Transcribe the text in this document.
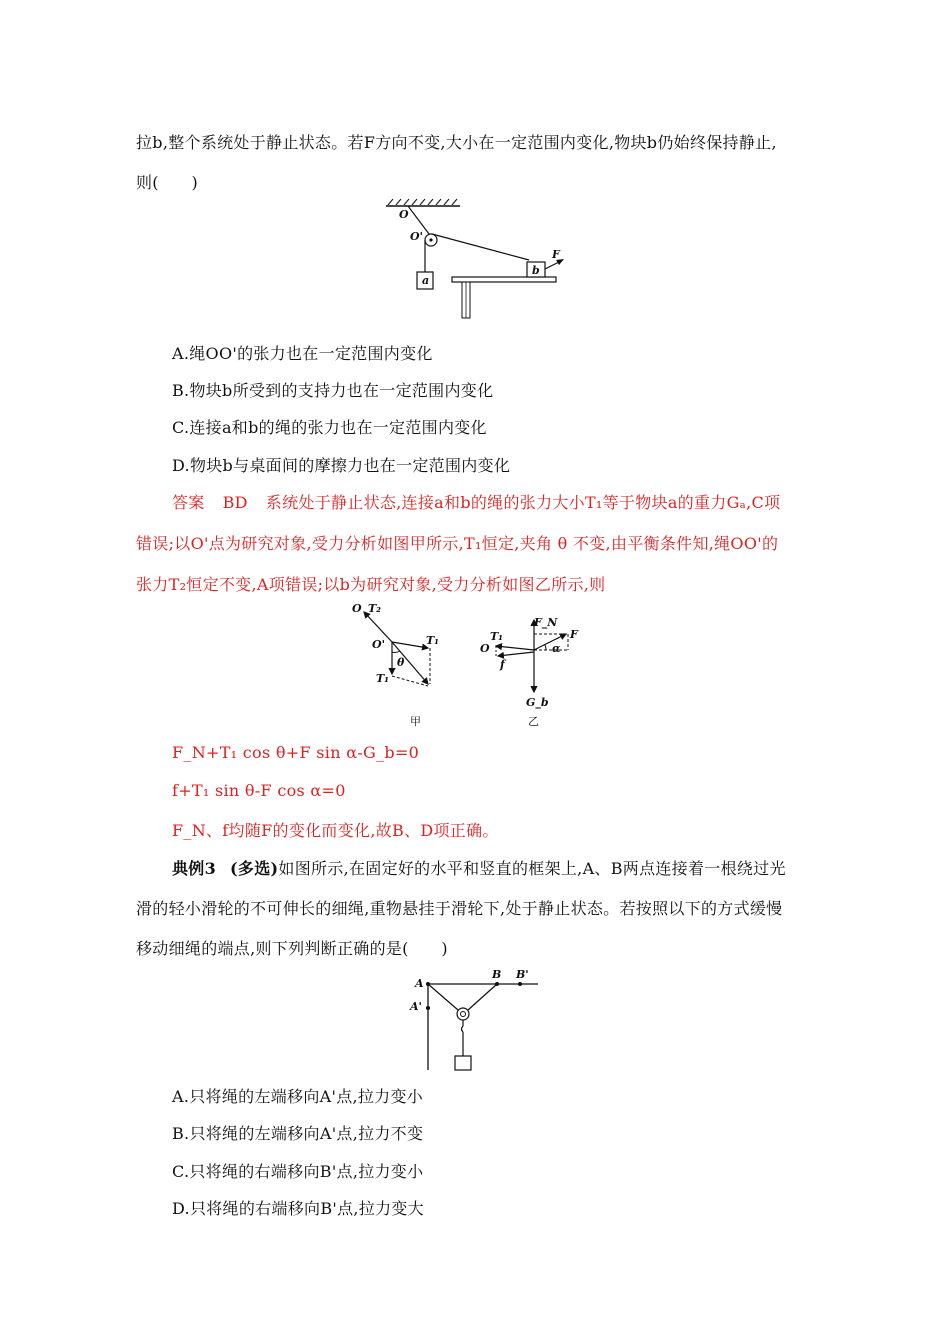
拉b,整个系统处于静止状态。若F方向不变,大小在一定范围内变化,物块b仍始终保持静止,
则(　　)
O
O'
a
b
F
A.绳OO'的张力也在一定范围内变化
B.物块b所受到的支持力也在一定范围内变化
C.连接a和b的绳的张力也在一定范围内变化
D.物块b与桌面间的摩擦力也在一定范围内变化
答案 BD 系统处于静止状态,连接a和b的绳的张力大小T₁等于物块a的重力Gₐ,C项
错误;以O'点为研究对象,受力分析如图甲所示,T₁恒定,夹角 θ 不变,由平衡条件知,绳OO'的
张力T₂恒定不变,A项错误;以b为研究对象,受力分析如图乙所示,则
O T₂
O'	T₁
θ
T₁
甲
F_N
T₁
O
F
f
α
G_b
乙
F_N+T₁ cos θ+F sin α-G_b=0
f+T₁ sin θ-F cos α=0
F_N、f均随F的变化而变化,故B、D项正确。
典例3 (多选)如图所示,在固定好的水平和竖直的框架上,A、B两点连接着一根绕过光
滑的轻小滑轮的不可伸长的细绳,重物悬挂于滑轮下,处于静止状态。若按照以下的方式缓慢
移动细绳的端点,则下列判断正确的是(　　)
A
A'
B B'
A.只将绳的左端移向A'点,拉力变小
B.只将绳的左端移向A'点,拉力不变
C.只将绳的右端移向B'点,拉力变小
D.只将绳的右端移向B'点,拉力变大
